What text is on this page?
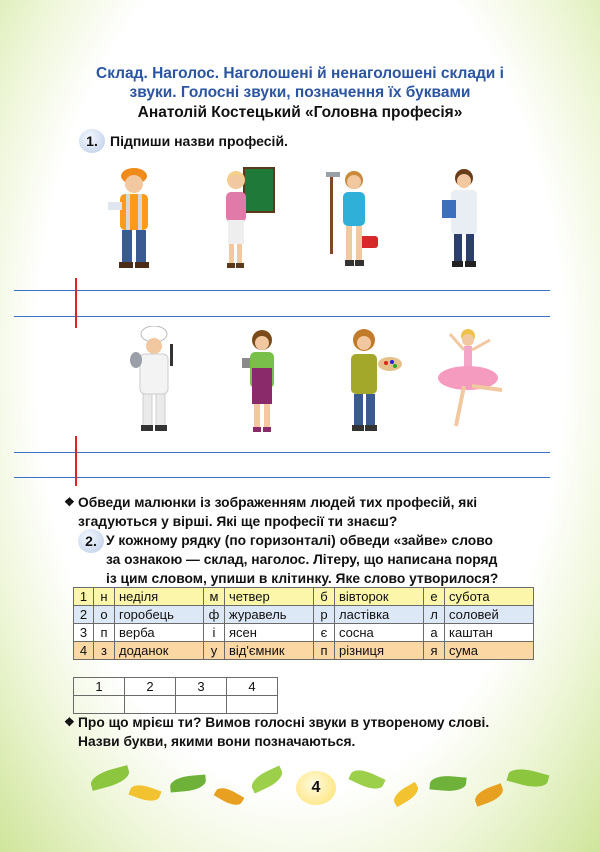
Склад. Наголос. Наголошені й ненаголошені склади і
звуки. Голосні звуки, позначення їх буквами
Анатолій Костецький «Головна професія»
1. Підпиши назви професій.
❖ Обведи малюнки із зображенням людей тих професій, які
згадуються у вірші. Які ще професії ти знаєш?
2. У кожному рядку (по горизонталі) обведи «зайве» слово
за ознакою — склад, наголос. Літеру, що написана поряд
із цим словом, упиши в клітинку. Яке слово утворилося?
1	н	неділя	м	четвер	б	вівторок	е	субота
2	о	горобець	ф	журавель	р	ластівка	л	соловей
3	п	верба	і	ясен	є	сосна	а	каштан
4	з	доданок	у	від'ємник	п	різниця	я	сума
1	2	3	4

❖ Про що мрієш ти? Вимов голосні звуки в утвореному слові.
Назви букви, якими вони позначаються.
4
